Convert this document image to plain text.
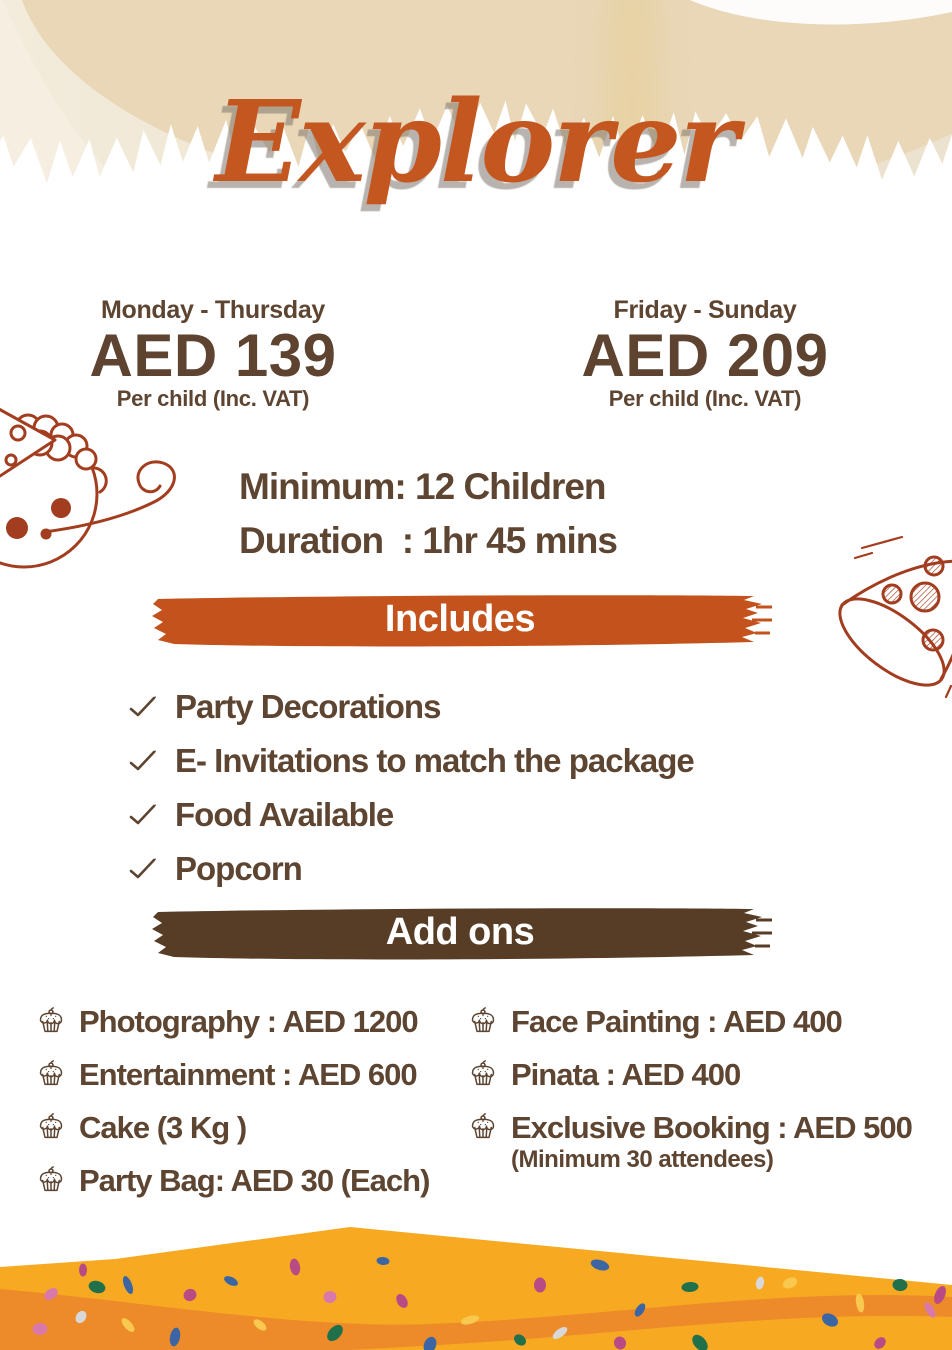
Explorer
Monday - Thursday
AED 139
Per child (Inc. VAT)
Friday - Sunday
AED 209
Per child (Inc. VAT)
Minimum: 12 Children
Duration  : 1hr 45 mins
Includes
Party Decorations
E- Invitations to match the package
Food Available
Popcorn
Add ons
Photography : AED 1200
Entertainment : AED 600
Cake (3 Kg )
Party Bag: AED 30 (Each)
Face Painting : AED 400
Pinata : AED 400
Exclusive Booking : AED 500
(Minimum 30 attendees)
